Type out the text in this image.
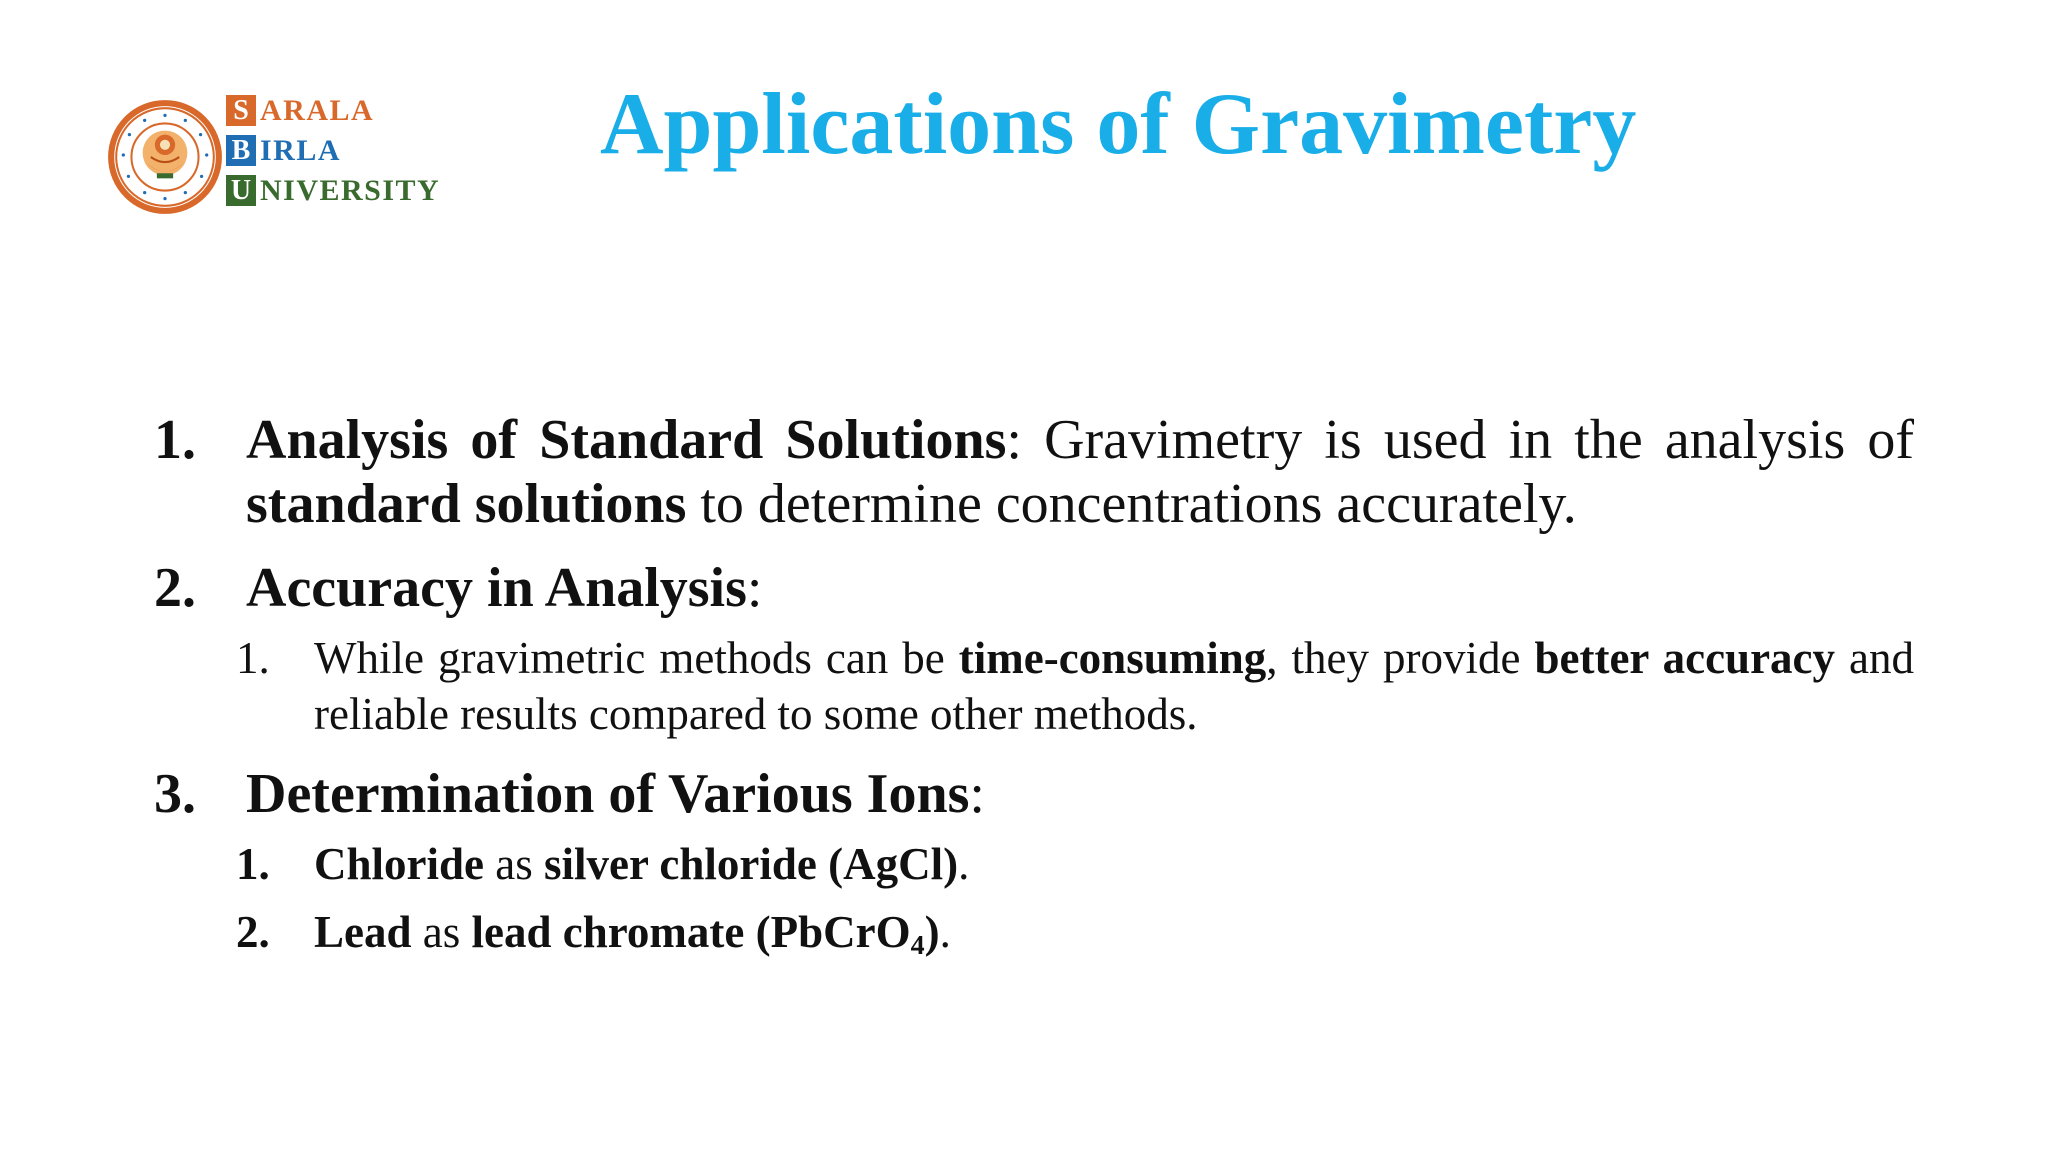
S ARALA
B IRLA
U NIVERSITY
Applications of Gravimetry
1. Analysis of Standard Solutions: Gravimetry is used in the analysis of standard solutions to determine concentrations accurately.
2. Accuracy in Analysis:
1. While gravimetric methods can be time-consuming, they provide better accuracy and reliable results compared to some other methods.
3. Determination of Various Ions:
1. Chloride as silver chloride (AgCl).
2. Lead as lead chromate (PbCrO$_4$).
